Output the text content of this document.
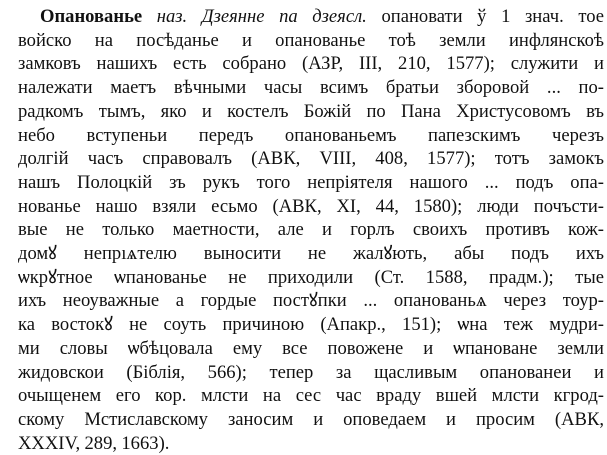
Опанованье наз. Дзеянне па дзеясл. опановати ў 1 знач. тое
войско на посѣданье и опанованье тоѣ земли инфлянскоѣ
замковъ нашихъ есть собрано (АЗР, III, 210, 1577); служити и
належати маетъ вѣчными часы всимъ братьи зборовой ... по-
радкомъ тымъ, яко и костелъ Божій по Пана Христусовомъ въ
небо вступеньи передъ опанованьемъ папезскимъ черезъ
долгій часъ справовалъ (АВК, VIII, 408, 1577); тотъ замокъ
нашъ Полоцкій зъ рукъ того непріятеля нашого ... подъ опа-
нованье нашо взяли есьмо (АВК, XI, 44, 1580); люди почъсти-
вые не только маетности, але и горлъ своихъ противъ кож-
домꙋ непрıѧтелю выносити не жалꙋють, абы подъ ихъ
ѡкрꙋтное ѡпанованье не приходили (Ст. 1588, прадм.); тые
ихъ неоуважные а гордые постꙋпки ... опанованьѧ через тоур-
ка востокꙋ не соуть причиною (Апакр., 151); ѡна теж мудри-
ми словы ѡбѣцовала ему все повожене и ѡпановане земли
жидовскои (Біблія, 566); тепер за щасливым опанованеи и
очыщенем его кор. млсти на сес час враду вшей млсти кгрод-
скому Мстиславскому заносим и оповедаем и просим (АВК,
XXXIV, 289, 1663).
